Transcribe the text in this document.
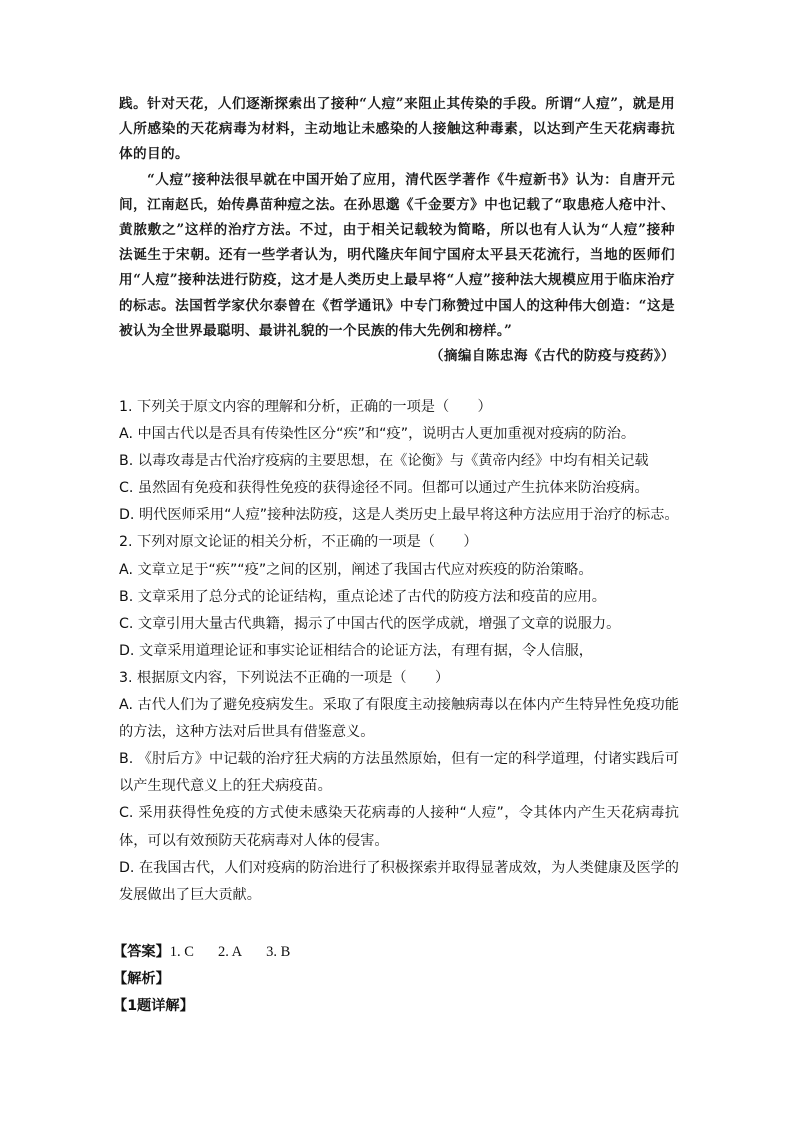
践。针对天花，人们逐渐探索出了接种“人痘”来阻止其传染的手段。所谓“人痘”，就是用人所感染的天花病毒为材料，主动地让未感染的人接触这种毒素，以达到产生天花病毒抗体的目的。

“人痘”接种法很早就在中国开始了应用，清代医学著作《牛痘新书》认为：自唐开元间，江南赵氏，始传鼻苗种痘之法。在孙思邈《千金要方》中也记载了“取患疮人疮中汁、黄脓敷之”这样的治疗方法。不过，由于相关记载较为简略，所以也有人认为“人痘”接种法诞生于宋朝。还有一些学者认为，明代隆庆年间宁国府太平县天花流行，当地的医师们用“人痘”接种法进行防疫，这才是人类历史上最早将“人痘”接种法大规模应用于临床治疗的标志。法国哲学家伏尔泰曾在《哲学通讯》中专门称赞过中国人的这种伟大创造：“这是被认为全世界最聪明、最讲礼貌的一个民族的伟大先例和榜样。”

（摘编自陈忠海《古代的防疫与疫药》）

1. 下列关于原文内容的理解和分析，正确的一项是（　　）

A. 中国古代以是否具有传染性区分“疾”和“疫”，说明古人更加重视对疫病的防治。

B. 以毒攻毒是古代治疗疫病的主要思想，在《论衡》与《黄帝内经》中均有相关记载

C. 虽然固有免疫和获得性免疫的获得途径不同。但都可以通过产生抗体来防治疫病。

D. 明代医师采用“人痘”接种法防疫，这是人类历史上最早将这种方法应用于治疗的标志。

2. 下列对原文论证的相关分析，不正确的一项是（　　）

A. 文章立足于“疾”“疫”之间的区别，阐述了我国古代应对疾疫的防治策略。

B. 文章采用了总分式的论证结构，重点论述了古代的防疫方法和疫苗的应用。

C. 文章引用大量古代典籍，揭示了中国古代的医学成就，增强了文章的说服力。

D. 文章采用道理论证和事实论证相结合的论证方法，有理有据，令人信服，

3. 根据原文内容，下列说法不正确的一项是（　　）

A. 古代人们为了避免疫病发生。采取了有限度主动接触病毒以在体内产生特异性免疫功能的方法，这种方法对后世具有借鉴意义。

B. 《肘后方》中记载的治疗狂犬病的方法虽然原始，但有一定的科学道理，付诸实践后可以产生现代意义上的狂犬病疫苗。

C. 采用获得性免疫的方式使未感染天花病毒的人接种“人痘”，令其体内产生天花病毒抗体，可以有效预防天花病毒对人体的侵害。

D. 在我国古代，人们对疫病的防治进行了积极探索并取得显著成效，为人类健康及医学的发展做出了巨大贡献。

【答案】1. C 2. A 3. B
【解析】
【1题详解】
